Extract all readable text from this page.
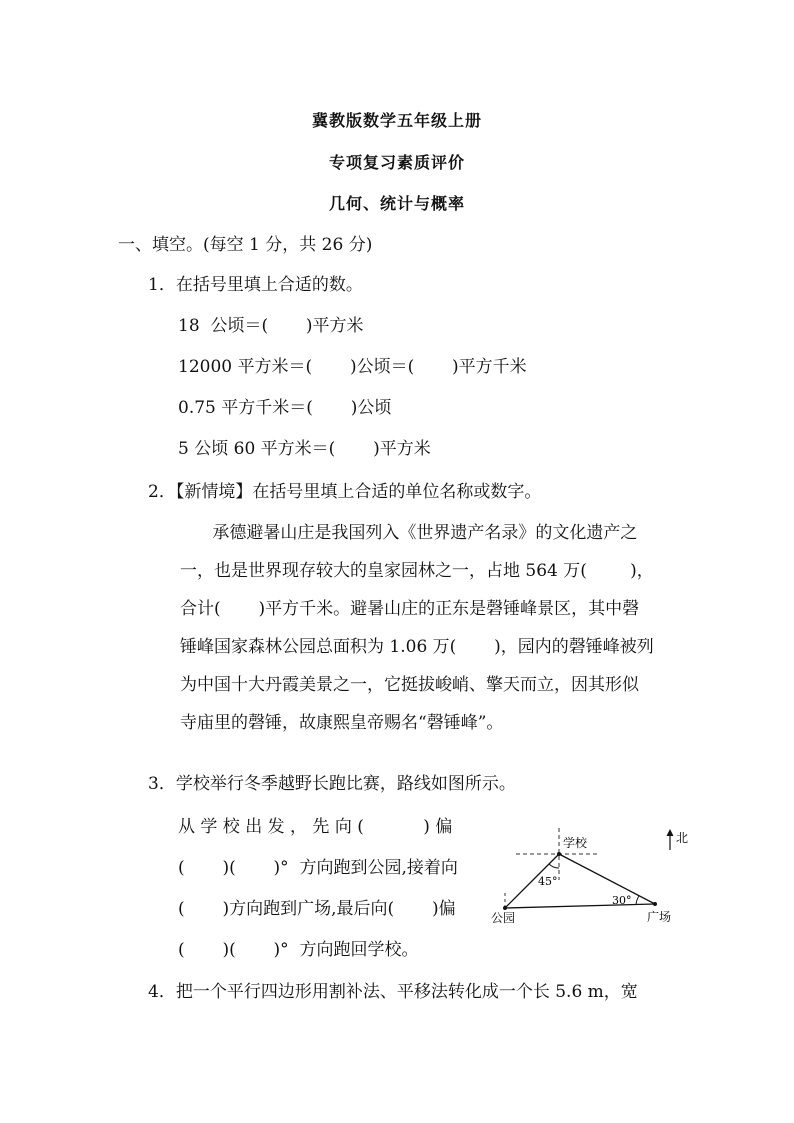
冀教版数学五年级上册
专项复习素质评价
几何、统计与概率
一、填空。(每空 1 分，共 26 分)
1．在括号里填上合适的数。
18  公顷＝(       )平方米
12000 平方米＝(       )公顷＝(       )平方千米
0.75 平方千米＝(       )公顷
5 公顷 60 平方米＝(       )平方米
2．【新情境】在括号里填上合适的单位名称或数字。
承德避暑山庄是我国列入《世界遗产名录》的文化遗产之
一，也是世界现存较大的皇家园林之一，占地 564 万(        )，
合计(       )平方千米。避暑山庄的正东是磬锤峰景区，其中磬
锤峰国家森林公园总面积为 1.06 万(       )，园内的磬锤峰被列
为中国十大丹霞美景之一，它挺拔峻峭、擎天而立，因其形似
寺庙里的磬锤，故康熙皇帝赐名“磬锤峰”。
3．学校举行冬季越野长跑比赛，路线如图所示。
从 学 校 出 发 ， 先 向 (           ) 偏
(       )(       )°  方向跑到公园,接着向
(       )方向跑到广场,最后向(       )偏
(       )(       )°  方向跑回学校。
学校
公园	广场
45°
30°
北
4．把一个平行四边形用割补法、平移法转化成一个长 5.6 m，宽
